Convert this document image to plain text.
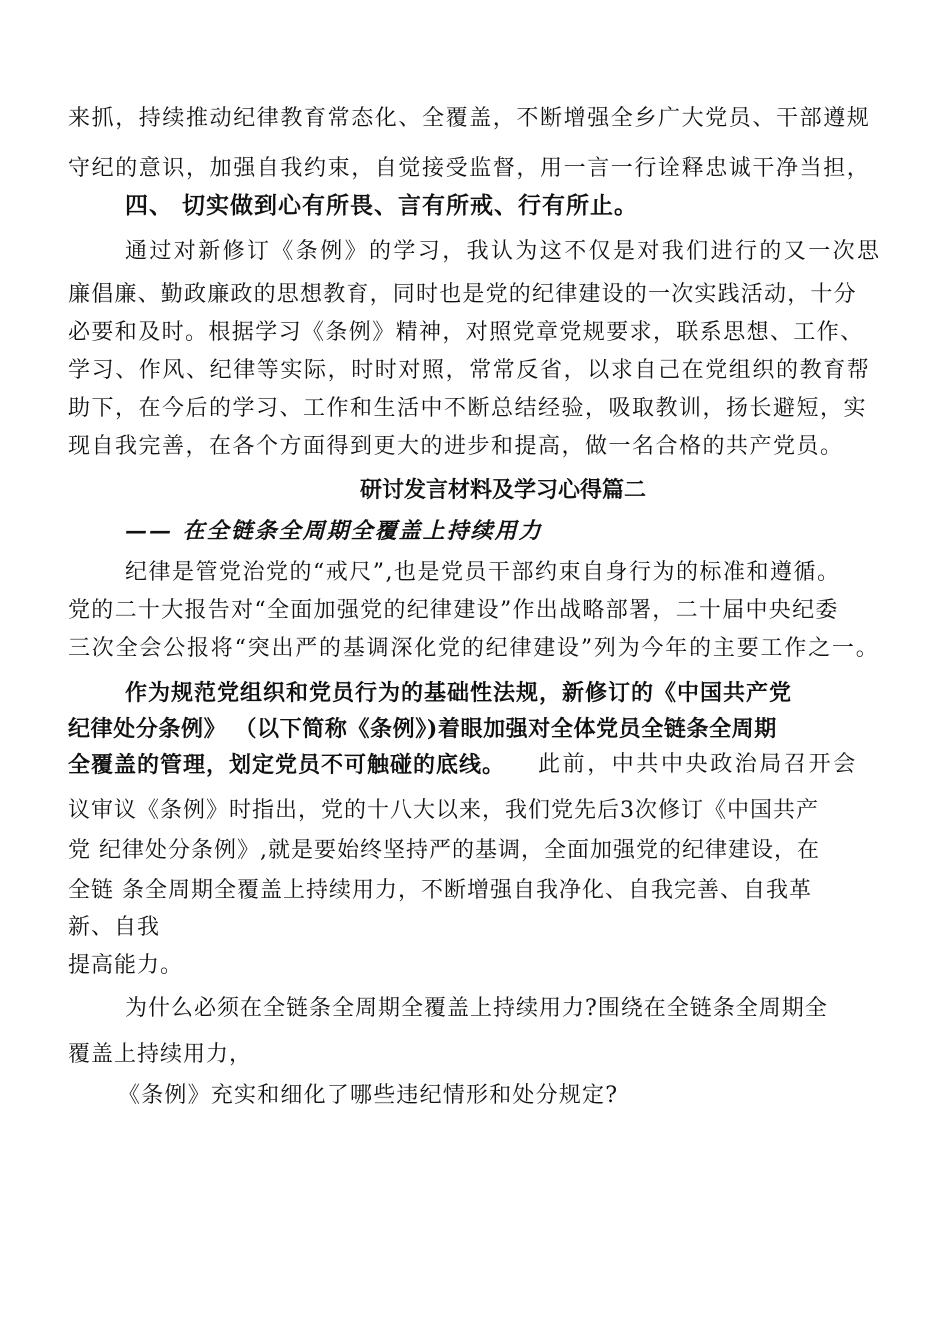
来抓，持续推动纪律教育常态化、全覆盖，不断增强全乡广大党员、干部遵规
守纪的意识，加强自我约束，自觉接受监督，用一言一行诠释忠诚干净当担，
四、 切实做到心有所畏、言有所戒、行有所止。
通过对新修订《条例》的学习，我认为这不仅是对我们进行的又一次思
廉倡廉、勤政廉政的思想教育，同时也是党的纪律建设的一次实践活动，十分
必要和及时。根据学习《条例》精神，对照党章党规要求，联系思想、工作、
学习、作风、纪律等实际，时时对照，常常反省，以求自己在党组织的教育帮
助下，在今后的学习、工作和生活中不断总结经验，吸取教训，扬长避短，实
现自我完善，在各个方面得到更大的进步和提高，做一名合格的共产党员。
研讨发言材料及学习心得篇二
—— 在全链条全周期全覆盖上持续用力
纪律是管党治党的“戒尺”,也是党员干部约束自身行为的标准和遵循。
党的二十大报告对“全面加强党的纪律建设”作出战略部署，二十届中央纪委
三次全会公报将“突出严的基调深化党的纪律建设”列为今年的主要工作之一。
作为规范党组织和党员行为的基础性法规，新修订的《中国共产党
纪律处分条例》 （以下简称《条例》)着眼加强对全体党员全链条全周期
全覆盖的管理，划定党员不可触碰的底线。 此前，中共中央政治局召开会
议审议《条例》时指出，党的十八大以来，我们党先后3次修订《中国共产
党 纪律处分条例》,就是要始终坚持严的基调，全面加强党的纪律建设，在
全链 条全周期全覆盖上持续用力，不断增强自我净化、自我完善、自我革
新、自我
提高能力。
为什么必须在全链条全周期全覆盖上持续用力?围绕在全链条全周期全
覆盖上持续用力，
《条例》充实和细化了哪些违纪情形和处分规定?
